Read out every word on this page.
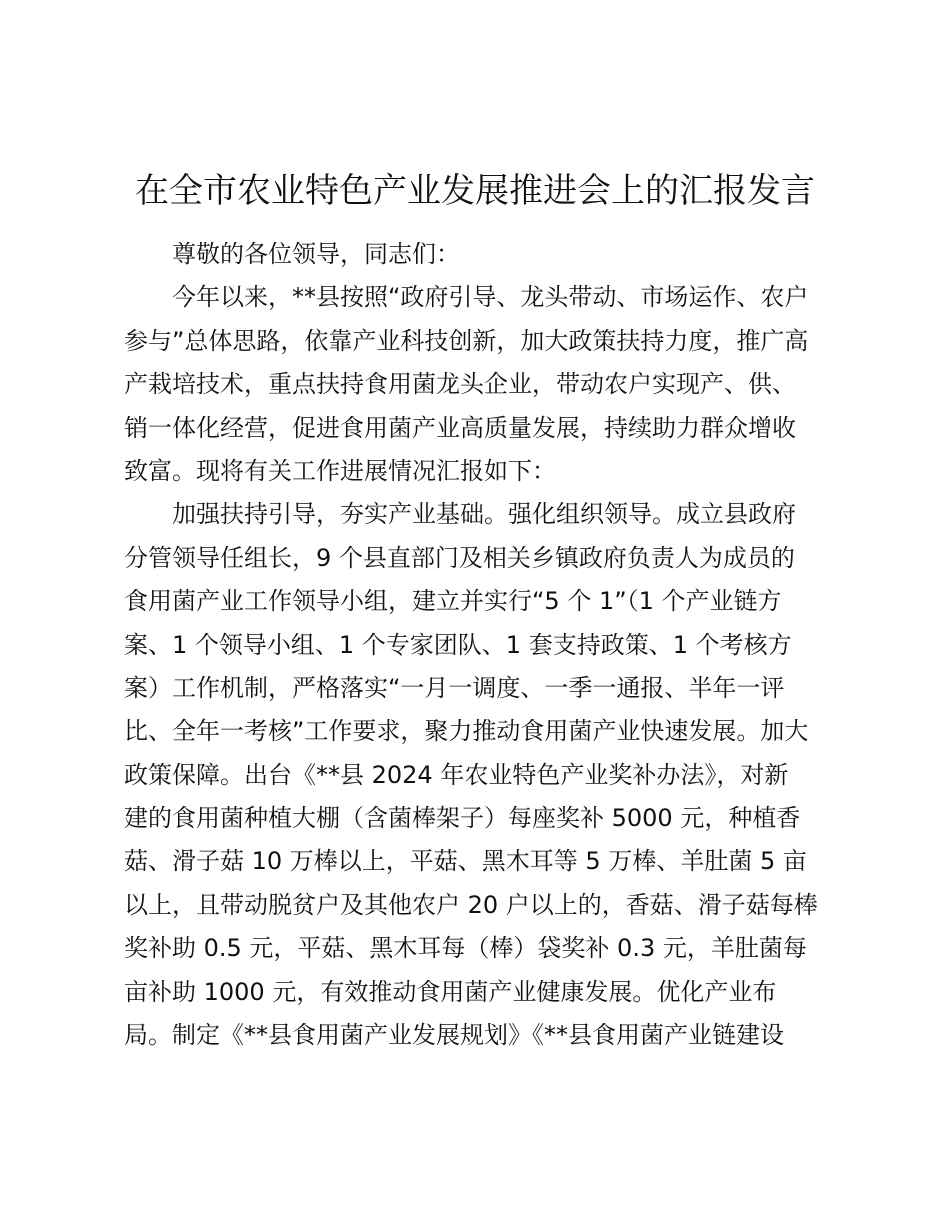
在全市农业特色产业发展推进会上的汇报发言

　　尊敬的各位领导，同志们：

　　今年以来，**县按照“政府引导、龙头带动、市场运作、农户

参与”总体思路，依靠产业科技创新，加大政策扶持力度，推广高

产栽培技术，重点扶持食用菌龙头企业，带动农户实现产、供、

销一体化经营，促进食用菌产业高质量发展，持续助力群众增收

致富。现将有关工作进展情况汇报如下：

　　加强扶持引导，夯实产业基础。强化组织领导。成立县政府

分管领导任组长，9 个县直部门及相关乡镇政府负责人为成员的

食用菌产业工作领导小组，建立并实行“5 个 1”（1 个产业链方

案、1 个领导小组、1 个专家团队、1 套支持政策、1 个考核方

案）工作机制，严格落实“一月一调度、一季一通报、半年一评

比、全年一考核”工作要求，聚力推动食用菌产业快速发展。加大

政策保障。出台《**县 2024 年农业特色产业奖补办法》，对新

建的食用菌种植大棚（含菌棒架子）每座奖补 5000 元，种植香

菇、滑子菇 10 万棒以上，平菇、黑木耳等 5 万棒、羊肚菌 5 亩

以上，且带动脱贫户及其他农户 20 户以上的，香菇、滑子菇每棒

奖补助 0.5 元，平菇、黑木耳每（棒）袋奖补 0.3 元，羊肚菌每

亩补助 1000 元，有效推动食用菌产业健康发展。优化产业布

局。制定《**县食用菌产业发展规划》《**县食用菌产业链建设
